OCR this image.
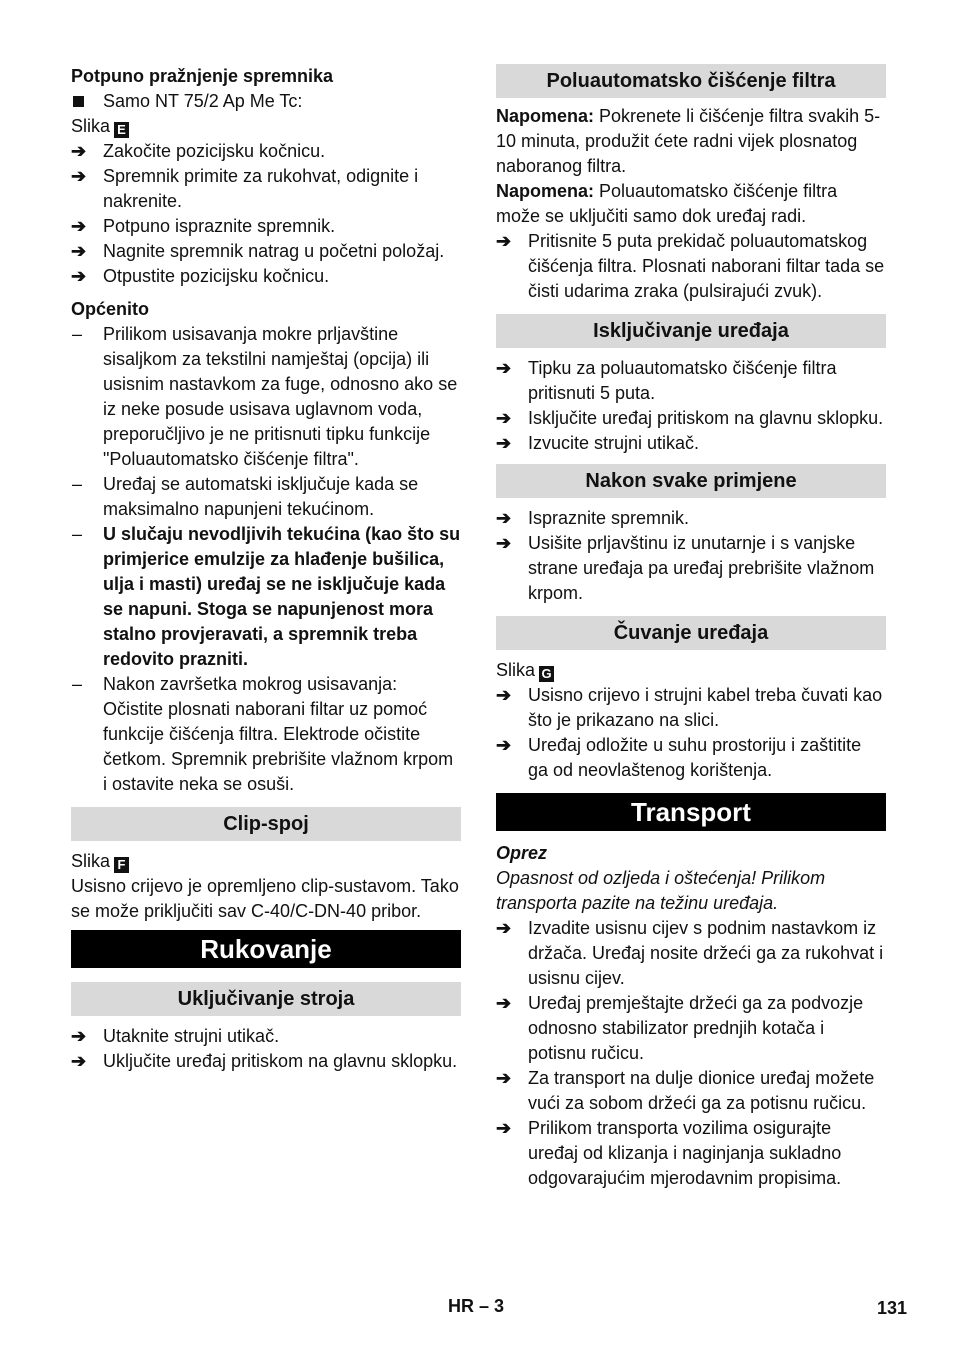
Potpuno pražnjenje spremnika

Samo NT 75/2 Ap Me Tc:

Slika E

➔ Zakočite pozicijsku kočnicu.
➔ Spremnik primite za rukohvat, odignite i nakrenite.
➔ Potpuno ispraznite spremnik.
➔ Nagnite spremnik natrag u početni položaj.
➔ Otpustite pozicijsku kočnicu.

Općenito

–	Prilikom usisavanja mokre prljavštine sisaljkom za tekstilni namještaj (opcija) ili usisnim nastavkom za fuge, odnosno ako se iz neke posude usisava uglavnom voda, preporučljivo je ne pritisnuti tipku funkcije "Poluautomatsko čišćenje filtra".
–	Uređaj se automatski isključuje kada se maksimalno napunjeni tekućinom.
–	U slučaju nevodljivih tekućina (kao što su primjerice emulzije za hlađenje bušilica, ulja i masti) uređaj se ne isključuje kada se napuni. Stoga se napunjenost mora stalno provjeravati, a spremnik treba redovito prazniti.
–	Nakon završetka mokrog usisavanja: Očistite plosnati naborani filtar uz pomoć funkcije čišćenja filtra. Elektrode očistite četkom. Spremnik prebrišite vlažnom krpom i ostavite neka se osuši.

Clip-spoj

Slika F

Usisno crijevo je opremljeno clip-sustavom. Tako se može priključiti sav C-40/C-DN-40 pribor.

Rukovanje

Uključivanje stroja

➔ Utaknite strujni utikač.
➔ Uključite uređaj pritiskom na glavnu sklopku.

Poluautomatsko čišćenje filtra

Napomena: Pokrenete li čišćenje filtra svakih 5-10 minuta, produžit ćete radni vijek plosnatog naboranog filtra.

Napomena: Poluautomatsko čišćenje filtra može se uključiti samo dok uređaj radi.

➔ Pritisnite 5 puta prekidač poluautomatskog čišćenja filtra. Plosnati naborani filtar tada se čisti udarima zraka (pulsirajući zvuk).

Isključivanje uređaja

➔ Tipku za poluautomatsko čišćenje filtra pritisnuti 5 puta.
➔ Isključite uređaj pritiskom na glavnu sklopku.
➔ Izvucite strujni utikač.

Nakon svake primjene

➔ Ispraznite spremnik.
➔ Usišite prljavštinu iz unutarnje i s vanjske strane uređaja pa uređaj prebrišite vlažnom krpom.

Čuvanje uređaja

Slika G

➔ Usisno crijevo i strujni kabel treba čuvati kao što je prikazano na slici.
➔ Uređaj odložite u suhu prostoriju i zaštitite ga od neovlaštenog korištenja.

Transport

Oprez

Opasnost od ozljeda i oštećenja! Prilikom transporta pazite na težinu uređaja.

➔ Izvadite usisnu cijev s podnim nastavkom iz držača. Uređaj nosite držeći ga za rukohvat i usisnu cijev.
➔ Uređaj premještajte držeći ga za podvozje odnosno stabilizator prednjih kotača i potisnu ručicu.
➔ Za transport na dulje dionice uređaj možete vući za sobom držeći ga za potisnu ručicu.
➔ Prilikom transporta vozilima osigurajte uređaj od klizanja i naginjanja sukladno odgovarajućim mjerodavnim propisima.
HR – 3	131
